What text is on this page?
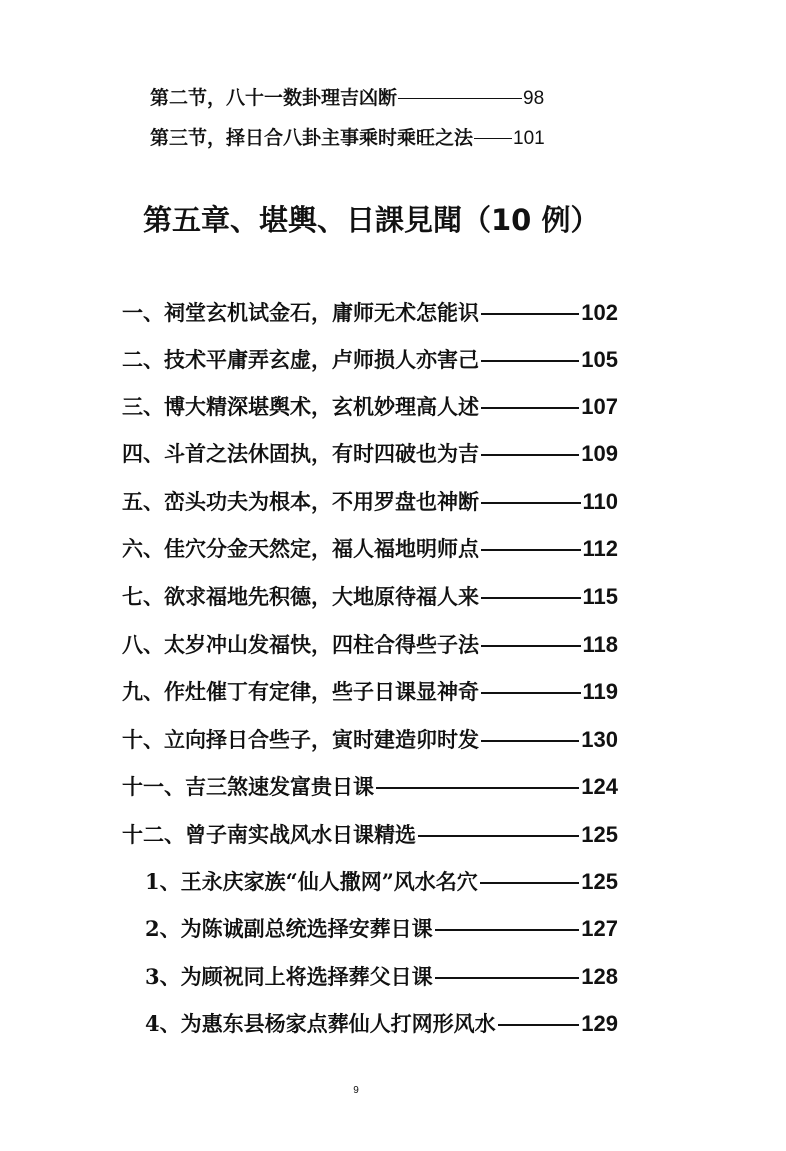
第二节，八十一数卦理吉凶断	98
第三节，择日合八卦主事乘时乘旺之法 101
第五章、堪輿、日課見聞（10 例）
一、祠堂玄机试金石，庸师无术怎能识	102
二、技术平庸弄玄虚，卢师损人亦害己	105
三、博大精深堪舆术，玄机妙理高人述	107
四、斗首之法休固执，有时四破也为吉	109
五、峦头功夫为根本，不用罗盘也神断	110
六、佳穴分金天然定，福人福地明师点	112
七、欲求福地先积德，大地原待福人来	115
八、太岁冲山发福快，四柱合得些子法	118
九、作灶催丁有定律，些子日课显神奇	119
十、立向择日合些子，寅时建造卯时发	130
十一、吉三煞速发富贵日课	124
十二、曾子南实战风水日课精选	125
1、王永庆家族“仙人撒网”风水名穴	125
2、为陈诚副总统选择安葬日课	127
3、为顾祝同上将选择葬父日课	128
4、为惠东县杨家点葬仙人打网形风水	129
9
